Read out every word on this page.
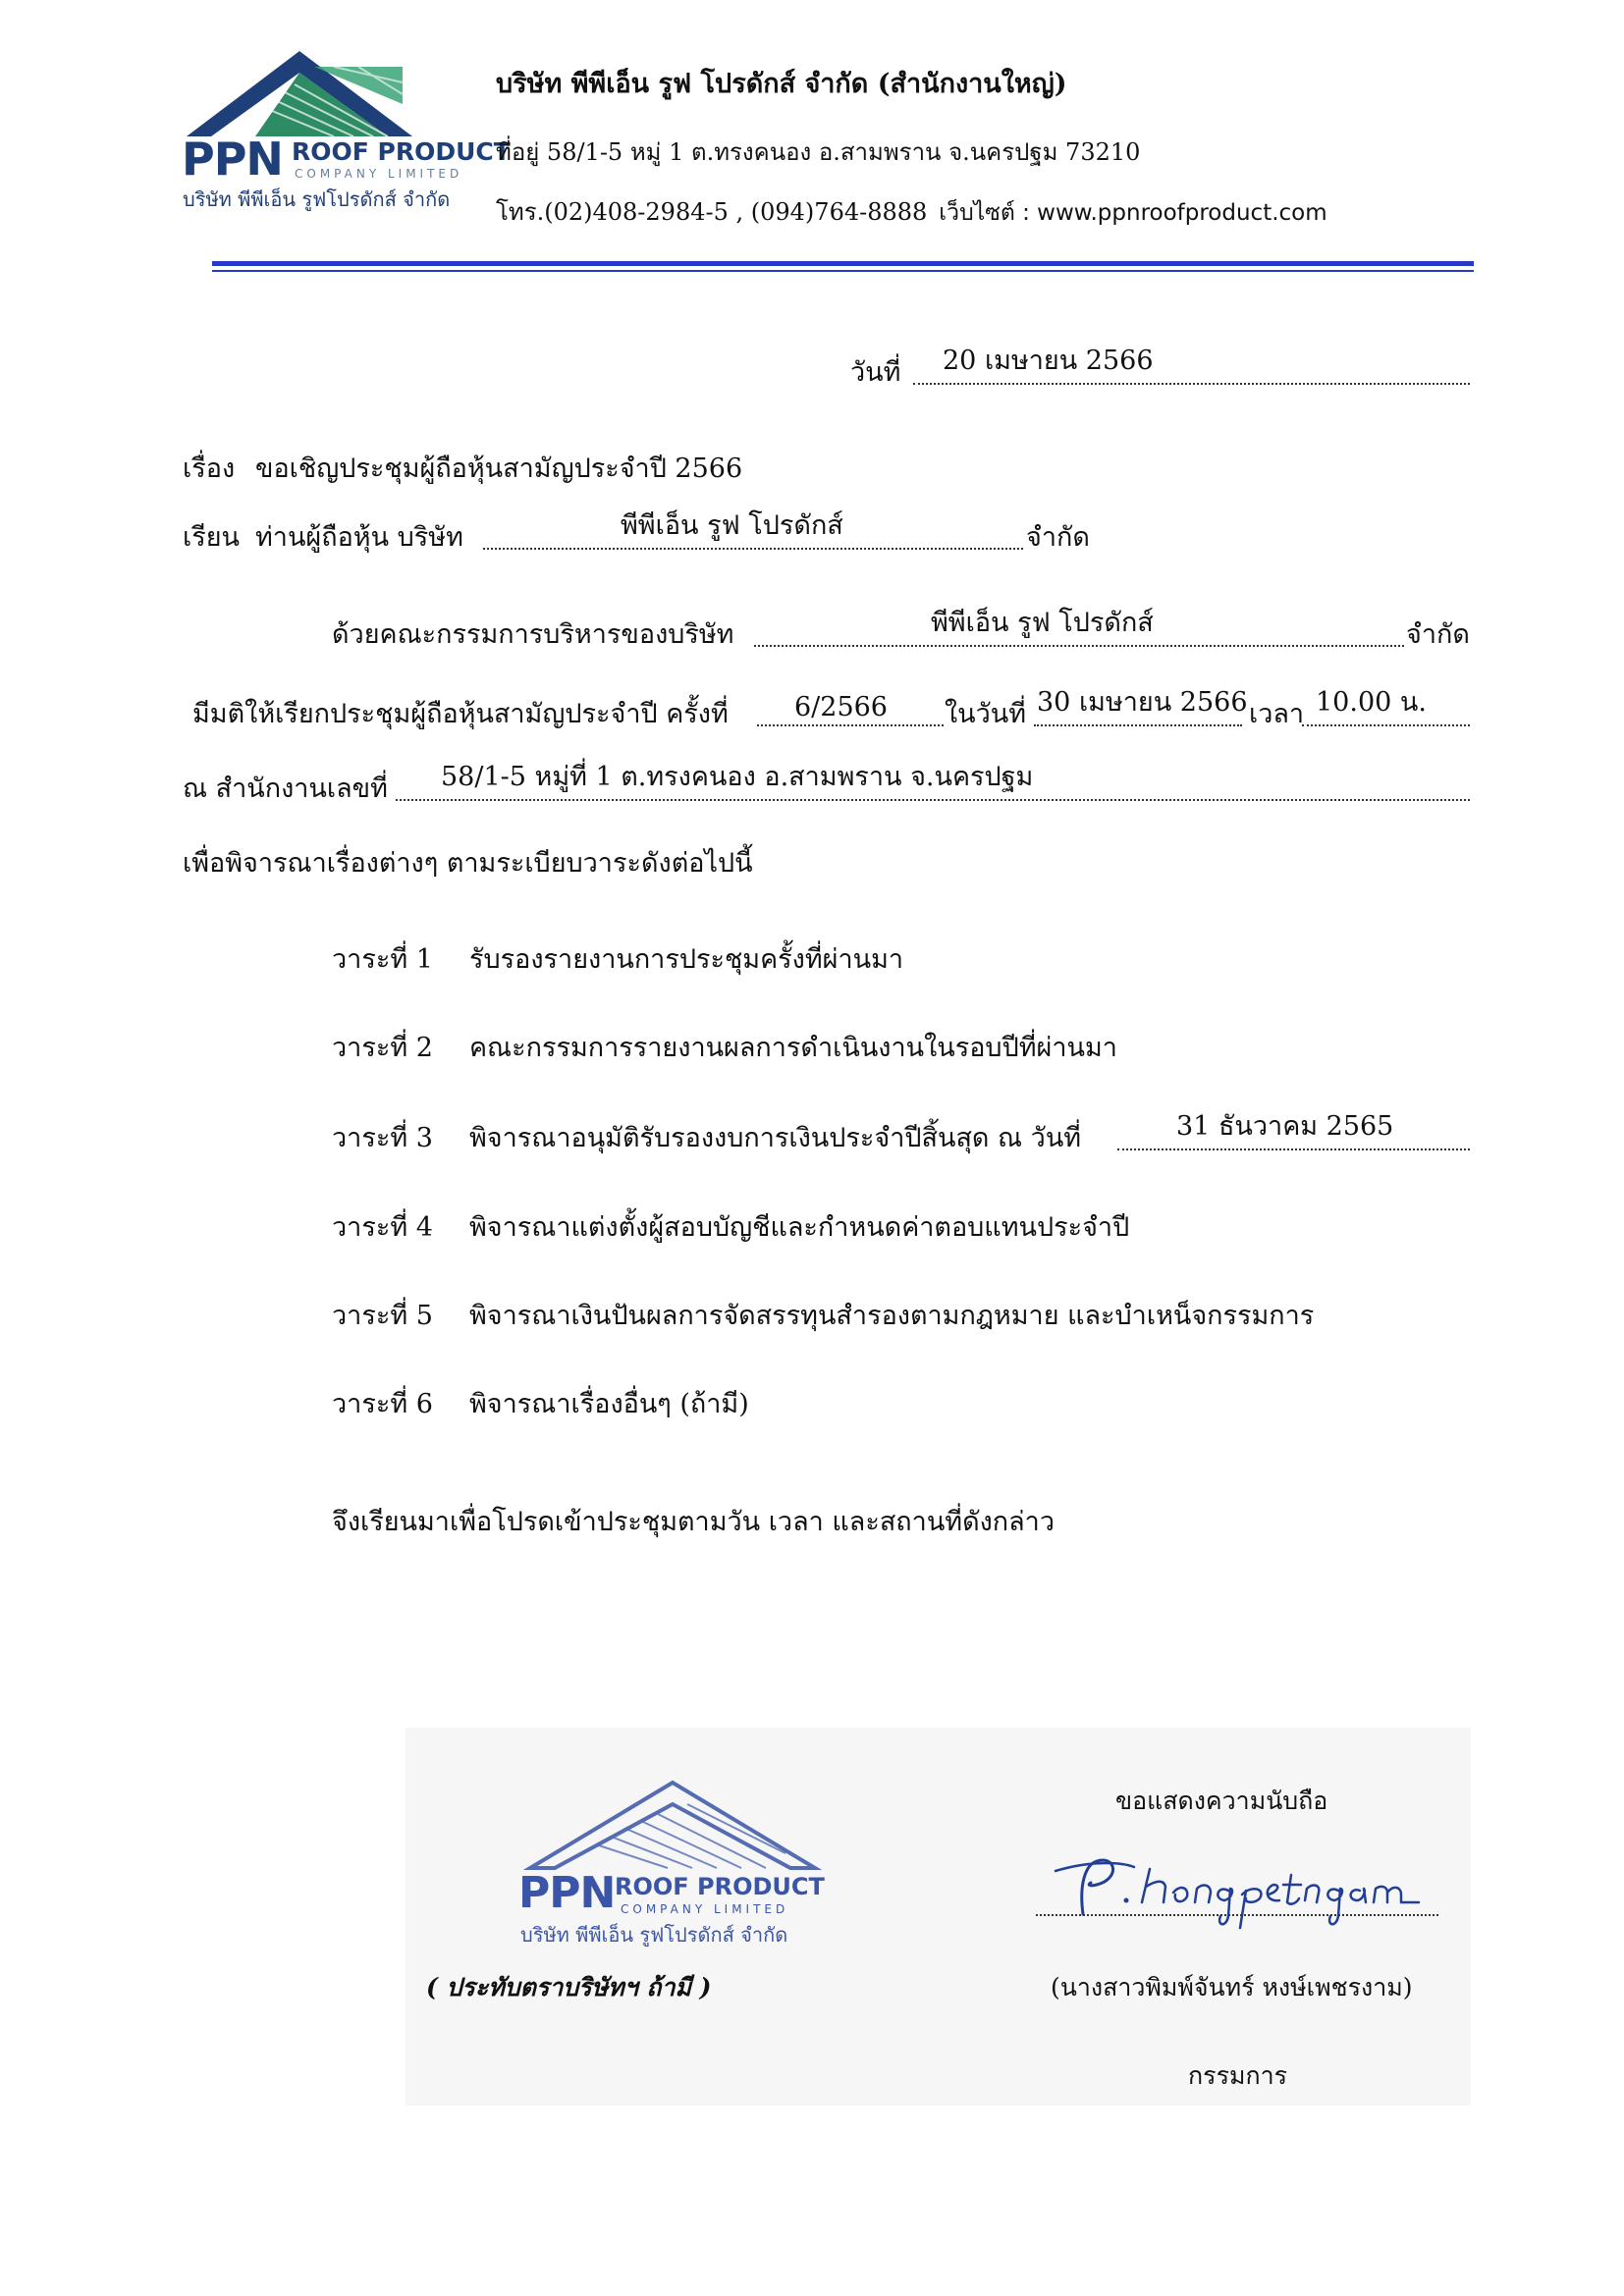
PPN ROOF PRODUCT
COMPANY LIMITED
บริษัท พีพีเอ็น รูฟโปรดักส์ จำกัด
บริษัท พีพีเอ็น รูฟ โปรดักส์ จำกัด (สำนักงานใหญ่)
ที่อยู่ 58/1-5 หมู่ 1 ต.ทรงคนอง อ.สามพราน จ.นครปฐม 73210
โทร.(02)408-2984-5 , (094)764-8888 เว็บไซต์ : www.ppnroofproduct.com
วันที่ 20 เมษายน 2566
เรื่อง ขอเชิญประชุมผู้ถือหุ้นสามัญประจำปี 2566
เรียน ท่านผู้ถือหุ้น บริษัท	พีพีเอ็น รูฟ โปรดักส์	จำกัด
ด้วยคณะกรรมการบริหารของบริษัท	พีพีเอ็น รูฟ โปรดักส์	จำกัด
มีมติให้เรียกประชุมผู้ถือหุ้นสามัญประจำปี ครั้งที่ 6/2566 ในวันที่ 30 เมษายน 2566 เวลา 10.00 น.
ณ สำนักงานเลขที่ 58/1-5 หมู่ที่ 1 ต.ทรงคนอง อ.สามพราน จ.นครปฐม
เพื่อพิจารณาเรื่องต่างๆ ตามระเบียบวาระดังต่อไปนี้
วาระที่ 1 รับรองรายงานการประชุมครั้งที่ผ่านมา
วาระที่ 2 คณะกรรมการรายงานผลการดำเนินงานในรอบปีที่ผ่านมา
วาระที่ 3 พิจารณาอนุมัติรับรองงบการเงินประจำปีสิ้นสุด ณ วันที่	31 ธันวาคม 2565
วาระที่ 4 พิจารณาแต่งตั้งผู้สอบบัญชีและกำหนดค่าตอบแทนประจำปี
วาระที่ 5 พิจารณาเงินปันผลการจัดสรรทุนสำรองตามกฎหมาย และบำเหน็จกรรมการ
วาระที่ 6 พิจารณาเรื่องอื่นๆ (ถ้ามี)
จึงเรียนมาเพื่อโปรดเข้าประชุมตามวัน เวลา และสถานที่ดังกล่าว
PPN ROOF PRODUCT
COMPANY LIMITED
บริษัท พีพีเอ็น รูฟโปรดักส์ จำกัด
( ประทับตราบริษัทฯ ถ้ามี )
ขอแสดงความนับถือ
(นางสาวพิมพ์จันทร์ หงษ์เพชรงาม)
กรรมการ
